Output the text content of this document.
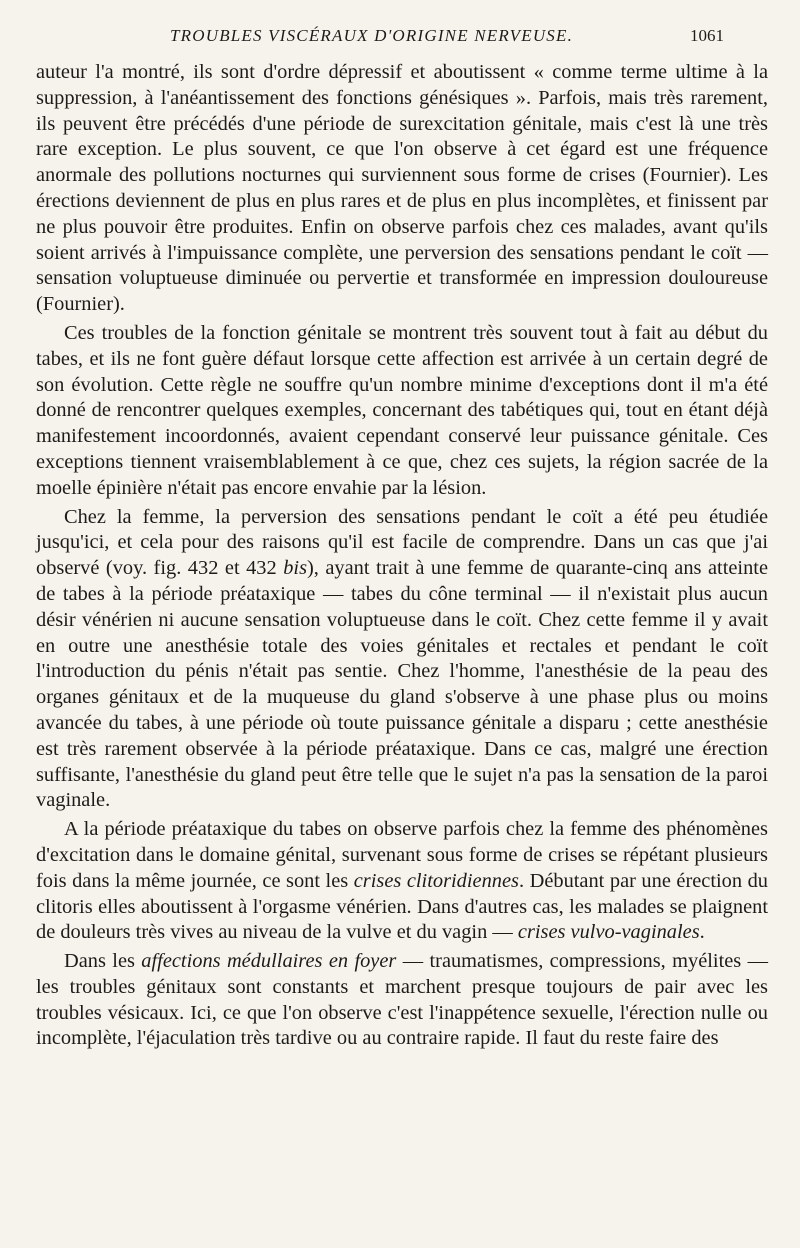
TROUBLES VISCÉRAUX D'ORIGINE NERVEUSE.	1061

auteur l'a montré, ils sont d'ordre dépressif et aboutissent « comme terme ultime à la suppression, à l'anéantissement des fonctions génésiques ». Parfois, mais très rarement, ils peuvent être précédés d'une période de surexcitation génitale, mais c'est là une très rare exception. Le plus souvent, ce que l'on observe à cet égard est une fréquence anormale des pollutions nocturnes qui surviennent sous forme de crises (Fournier). Les érections deviennent de plus en plus rares et de plus en plus incomplètes, et finissent par ne plus pouvoir être produites. Enfin on observe parfois chez ces malades, avant qu'ils soient arrivés à l'impuissance complète, une perversion des sensations pendant le coït — sensation voluptueuse diminuée ou pervertie et transformée en impression douloureuse (Fournier).

Ces troubles de la fonction génitale se montrent très souvent tout à fait au début du tabes, et ils ne font guère défaut lorsque cette affection est arrivée à un certain degré de son évolution. Cette règle ne souffre qu'un nombre minime d'exceptions dont il m'a été donné de rencontrer quelques exemples, concernant des tabétiques qui, tout en étant déjà manifestement incoordonnés, avaient cependant conservé leur puissance génitale. Ces exceptions tiennent vraisemblablement à ce que, chez ces sujets, la région sacrée de la moelle épinière n'était pas encore envahie par la lésion.

Chez la femme, la perversion des sensations pendant le coït a été peu étudiée jusqu'ici, et cela pour des raisons qu'il est facile de comprendre. Dans un cas que j'ai observé (voy. fig. 432 et 432 bis), ayant trait à une femme de quarante-cinq ans atteinte de tabes à la période préataxique — tabes du cône terminal — il n'existait plus aucun désir vénérien ni aucune sensation voluptueuse dans le coït. Chez cette femme il y avait en outre une anesthésie totale des voies génitales et rectales et pendant le coït l'introduction du pénis n'était pas sentie. Chez l'homme, l'anesthésie de la peau des organes génitaux et de la muqueuse du gland s'observe à une phase plus ou moins avancée du tabes, à une période où toute puissance génitale a disparu ; cette anesthésie est très rarement observée à la période préataxique. Dans ce cas, malgré une érection suffisante, l'anesthésie du gland peut être telle que le sujet n'a pas la sensation de la paroi vaginale.

A la période préataxique du tabes on observe parfois chez la femme des phénomènes d'excitation dans le domaine génital, survenant sous forme de crises se répétant plusieurs fois dans la même journée, ce sont les crises clitoridiennes. Débutant par une érection du clitoris elles aboutissent à l'orgasme vénérien. Dans d'autres cas, les malades se plaignent de douleurs très vives au niveau de la vulve et du vagin — crises vulvo-vaginales.

Dans les affections médullaires en foyer — traumatismes, compressions, myélites — les troubles génitaux sont constants et marchent presque toujours de pair avec les troubles vésicaux. Ici, ce que l'on observe c'est l'inappétence sexuelle, l'érection nulle ou incomplète, l'éjaculation très tardive ou au contraire rapide. Il faut du reste faire des
